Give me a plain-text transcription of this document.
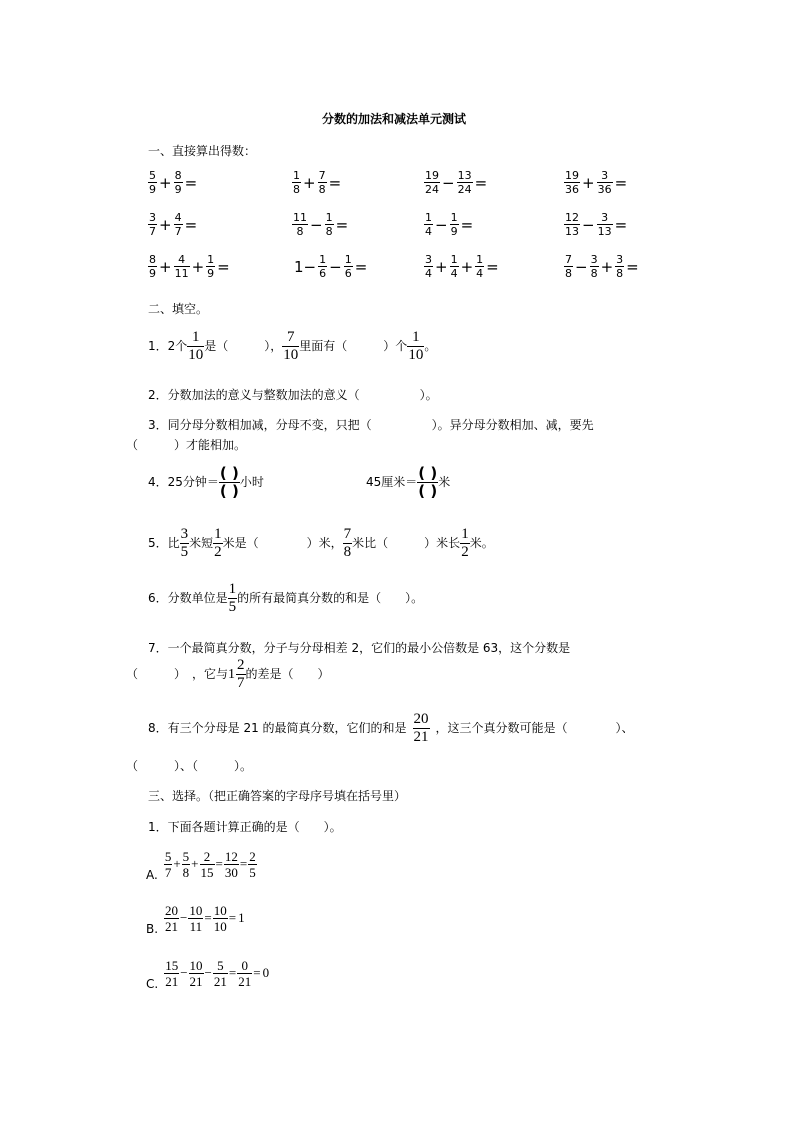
分数的加法和减法单元测试
一、直接算出得数：
$\frac{5}{9} + \frac{8}{9}$ =	$\frac{1}{8} + \frac{7}{8}$ =	$\frac{19}{24} - \frac{13}{24}$ =	$\frac{19}{36} + \frac{3}{36}$ =
$\frac{3}{7} + \frac{4}{7}$ =	$\frac{11}{8} - \frac{1}{8}$ =	$\frac{1}{4} - \frac{1}{9}$ =	$\frac{12}{13} - \frac{3}{13}$ =
$\frac{8}{9} + \frac{4}{11} + \frac{1}{9}$ =	$1- \frac{1}{6} - \frac{1}{6}$ =	$\frac{3}{4} + \frac{1}{4} + \frac{1}{4}$ =	$\frac{7}{8} - \frac{3}{8} + \frac{3}{8}$ =
二、填空。
1．2个 $\frac{1}{10}$ 是（　　　）， $\frac{7}{10}$ 里面有（　　　）个 $\frac{1}{10}$ 。
2．分数加法的意义与整数加法的意义（　　　　　）。
3．同分母分数相加减，分母不变，只把（　　　　　）。异分母分数相加、减，要先
（　　　）才能相加。
4．25分钟＝ ( )
( ) 小时	45厘米＝ ( )
( ) 米
5．比 $\frac{3}{5}$ 米短 $\frac{1}{2}$ 米是（　　　　）米， $\frac{7}{8}$ 米比（　　　）米长 $\frac{1}{2}$ 米。
6．分数单位是 $\frac{1}{5}$ 的所有最简真分数的和是（　　）。
7．一个最简真分数，分子与分母相差 2，它们的最小公倍数是 63，这个分数是
（　　　）　，它与 1
2
7
的差是（　　）
8．有三个分母是 21 的最简真分数，它们的和是 $\frac{20}{21}$ ，这三个真分数可能是（　　　　）、
（　　　）、（　　　）。
三、选择。（把正确答案的字母序号填在括号里）
1．下面各题计算正确的是（　　）。
A. $\frac{5}{7} + \frac{5}{8} + \frac{2}{15} = \frac{12}{30} = \frac{2}{5}$
B. $\frac{20}{21} - \frac{10}{11} = \frac{10}{10} = 1$
C. $\frac{15}{21} - \frac{10}{21} - \frac{5}{21} = \frac{0}{21} = 0$
